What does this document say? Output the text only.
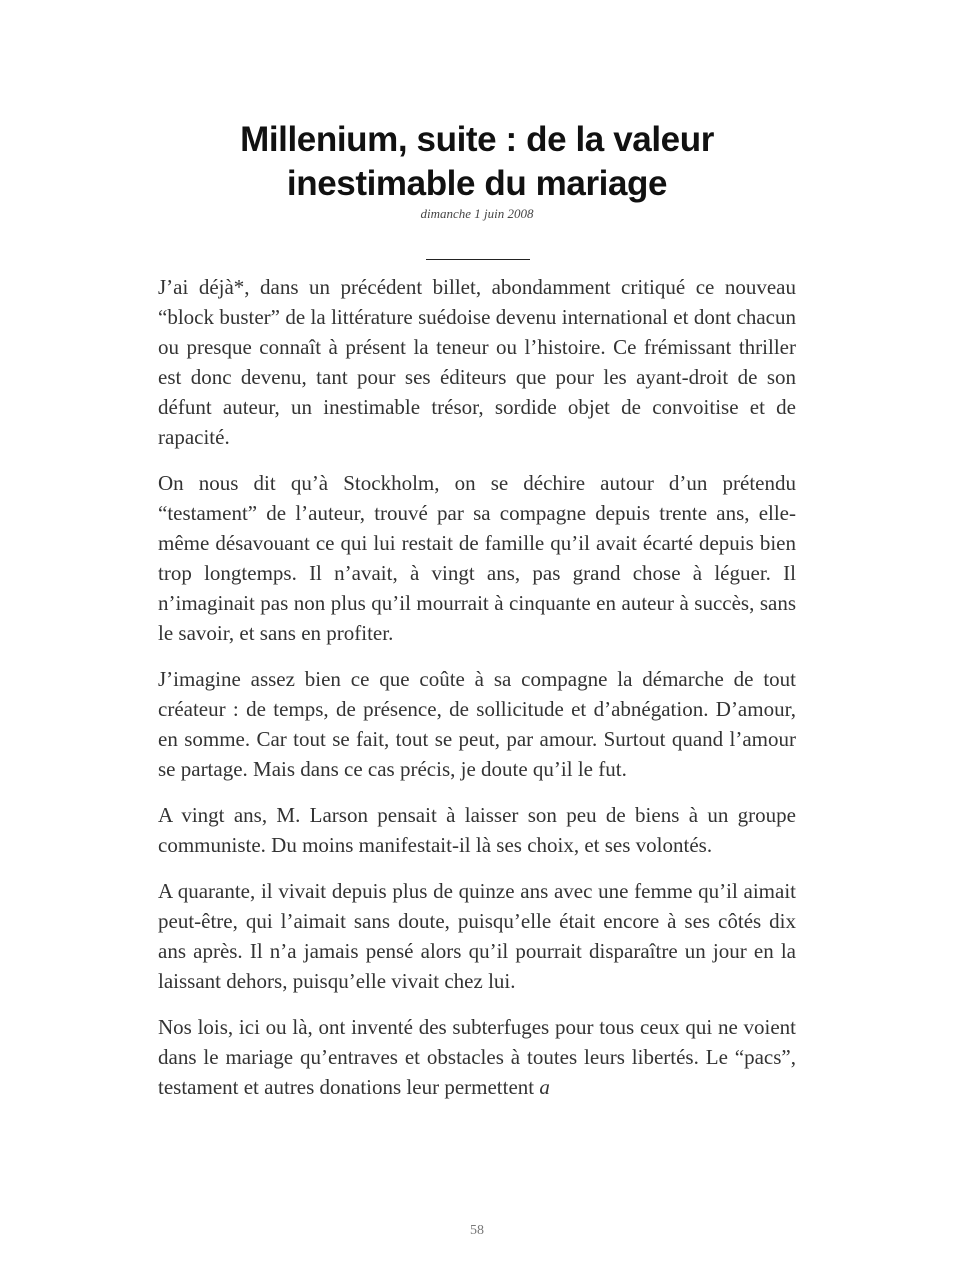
Millenium, suite : de la valeur
inestimable du mariage
dimanche 1 juin 2008

J’ai déjà*, dans un précédent billet, abondamment critiqué ce nouveau “block buster” de la littérature suédoise devenu international et dont chacun ou presque connaît à présent la teneur ou l’histoire. Ce frémissant thriller est donc devenu, tant pour ses éditeurs que pour les ayant-droit de son défunt auteur, un inestimable trésor, sordide objet de convoitise et de rapacité.

On nous dit qu’à Stockholm, on se déchire autour d’un prétendu “testament” de l’auteur, trouvé par sa compagne depuis trente ans, elle-même désavouant ce qui lui restait de famille qu’il avait écarté depuis bien trop longtemps. Il n’avait, à vingt ans, pas grand chose à léguer. Il n’imaginait pas non plus qu’il mourrait à cinquante en auteur à succès, sans le savoir, et sans en profiter.

J’imagine assez bien ce que coûte à sa compagne la démarche de tout créateur : de temps, de présence, de sollicitude et d’abnégation. D’amour, en somme. Car tout se fait, tout se peut, par amour. Surtout quand l’amour se partage. Mais dans ce cas précis, je doute qu’il le fut.

A vingt ans, M. Larson pensait à laisser son peu de biens à un groupe communiste. Du moins manifestait-il là ses choix, et ses volontés.

A quarante, il vivait depuis plus de quinze ans avec une femme qu’il aimait peut-être, qui l’aimait sans doute, puisqu’elle était encore à ses côtés dix ans après. Il n’a jamais pensé alors qu’il pourrait disparaître un jour en la laissant dehors, puisqu’elle vivait chez lui.

Nos lois, ici ou là, ont inventé des subterfuges pour tous ceux qui ne voient dans le mariage qu’entraves et obstacles à toutes leurs libertés. Le “pacs”, testament et autres donations leur permettent a

58
